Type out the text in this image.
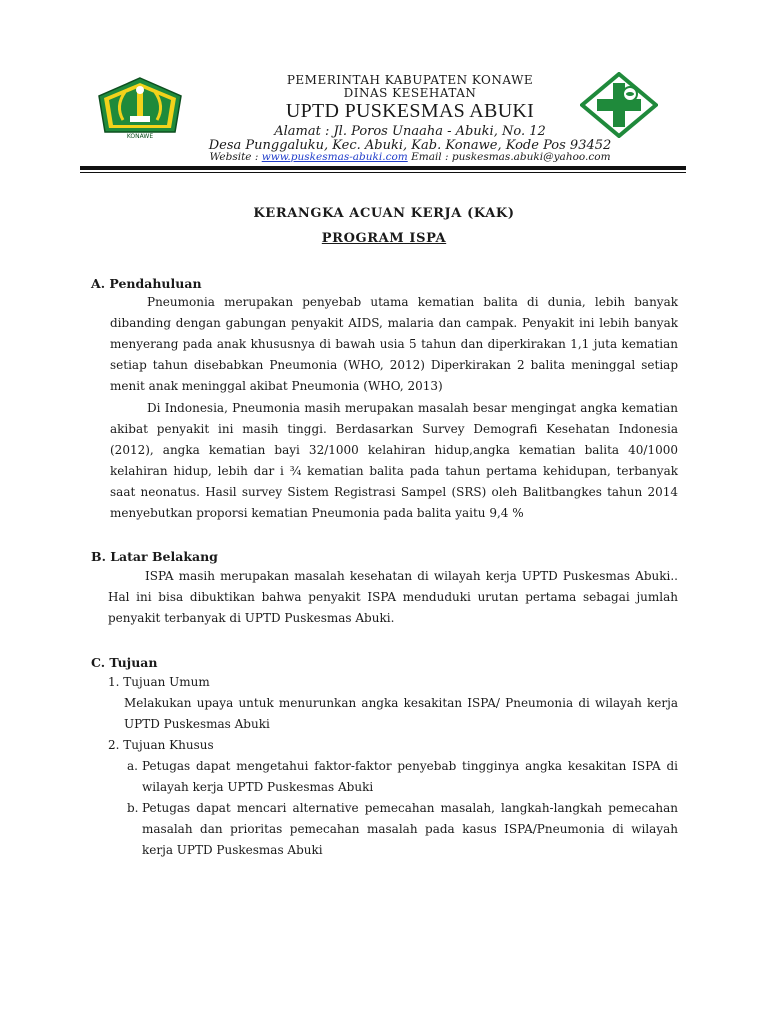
KONAWE
PEMERINTAH KABUPATEN KONAWE
DINAS KESEHATAN
UPTD PUSKESMAS ABUKI
Alamat : Jl. Poros Unaaha - Abuki, No. 12
Desa Punggaluku, Kec. Abuki, Kab. Konawe, Kode Pos 93452
Website : www.puskesmas-abuki.com Email : puskesmas.abuki@yahoo.com
KERANGKA ACUAN KERJA (KAK)
PROGRAM ISPA
A. Pendahuluan
Pneumonia merupakan penyebab utama kematian balita di dunia, lebih banyak dibanding dengan gabungan penyakit AIDS, malaria dan campak. Penyakit ini lebih banyak menyerang pada anak khususnya di bawah usia 5 tahun dan diperkirakan 1,1 juta kematian setiap tahun disebabkan Pneumonia (WHO, 2012) Diperkirakan 2 balita meninggal setiap menit anak meninggal akibat Pneumonia (WHO, 2013)
Di Indonesia, Pneumonia masih merupakan masalah besar mengingat angka kematian akibat penyakit ini masih tinggi. Berdasarkan Survey Demografi Kesehatan Indonesia (2012), angka kematian bayi 32/1000 kelahiran hidup,angka kematian balita 40/1000 kelahiran hidup, lebih dar i ¾ kematian balita pada tahun pertama kehidupan, terbanyak saat neonatus. Hasil survey Sistem Registrasi Sampel (SRS) oleh Balitbangkes tahun 2014 menyebutkan proporsi kematian Pneumonia pada balita yaitu 9,4 %
B. Latar Belakang
ISPA masih merupakan masalah kesehatan di wilayah kerja UPTD Puskesmas Abuki.. Hal ini bisa dibuktikan bahwa penyakit ISPA menduduki urutan pertama sebagai jumlah penyakit terbanyak di UPTD Puskesmas Abuki.
C. Tujuan
1. Tujuan Umum
Melakukan upaya untuk menurunkan angka kesakitan ISPA/ Pneumonia di wilayah kerja UPTD Puskesmas Abuki
2. Tujuan Khusus
a. Petugas dapat mengetahui faktor-faktor penyebab tingginya angka kesakitan ISPA di wilayah kerja UPTD Puskesmas Abuki
b. Petugas dapat mencari alternative pemecahan masalah, langkah-langkah pemecahan masalah dan prioritas pemecahan masalah pada kasus ISPA/Pneumonia di wilayah kerja UPTD Puskesmas Abuki
